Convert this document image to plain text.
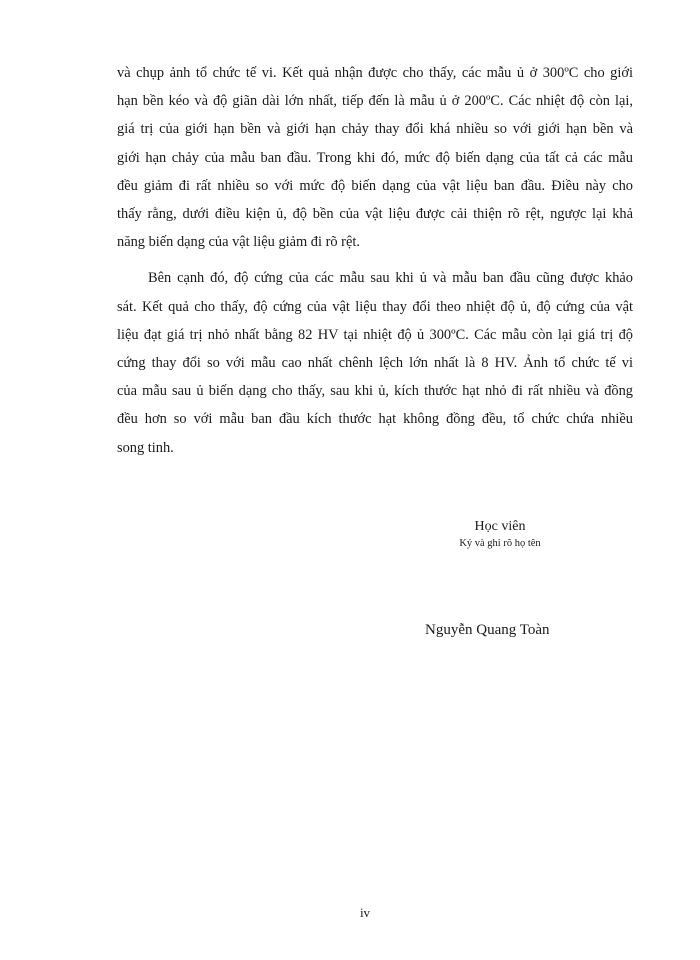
và chụp ảnh tổ chức tế vi. Kết quả nhận được cho thấy, các mẫu ủ ở 300ºC cho giới
hạn bền kéo và độ giãn dài lớn nhất, tiếp đến là mẫu ủ ở 200ºC. Các nhiệt độ còn lại,
giá trị của giới hạn bền và giới hạn chảy thay đổi khá nhiều so với giới hạn bền và
giới hạn chảy của mẫu ban đầu. Trong khi đó, mức độ biến dạng của tất cả các mẫu
đều giảm đi rất nhiều so với mức độ biến dạng của vật liệu ban đầu. Điều này cho
thấy rằng, dưới điều kiện ủ, độ bền của vật liệu được cải thiện rõ rệt, ngược lại khả
năng biến dạng của vật liệu giảm đi rõ rệt.

Bên cạnh đó, độ cứng của các mẫu sau khi ủ và mẫu ban đầu cũng được khảo
sát. Kết quả cho thấy, độ cứng của vật liệu thay đổi theo nhiệt độ ủ, độ cứng của vật
liệu đạt giá trị nhỏ nhất bằng 82 HV tại nhiệt độ ủ 300ºC. Các mẫu còn lại giá trị độ
cứng thay đổi so với mẫu cao nhất chênh lệch lớn nhất là 8 HV. Ảnh tổ chức tế vi
của mẫu sau ủ biến dạng cho thấy, sau khi ủ, kích thước hạt nhỏ đi rất nhiều và đồng
đều hơn so với mẫu ban đầu kích thước hạt không đồng đều, tổ chức chứa nhiều
song tinh.

Học viên
Ký và ghi rõ họ tên
Nguyễn Quang Toàn
iv
